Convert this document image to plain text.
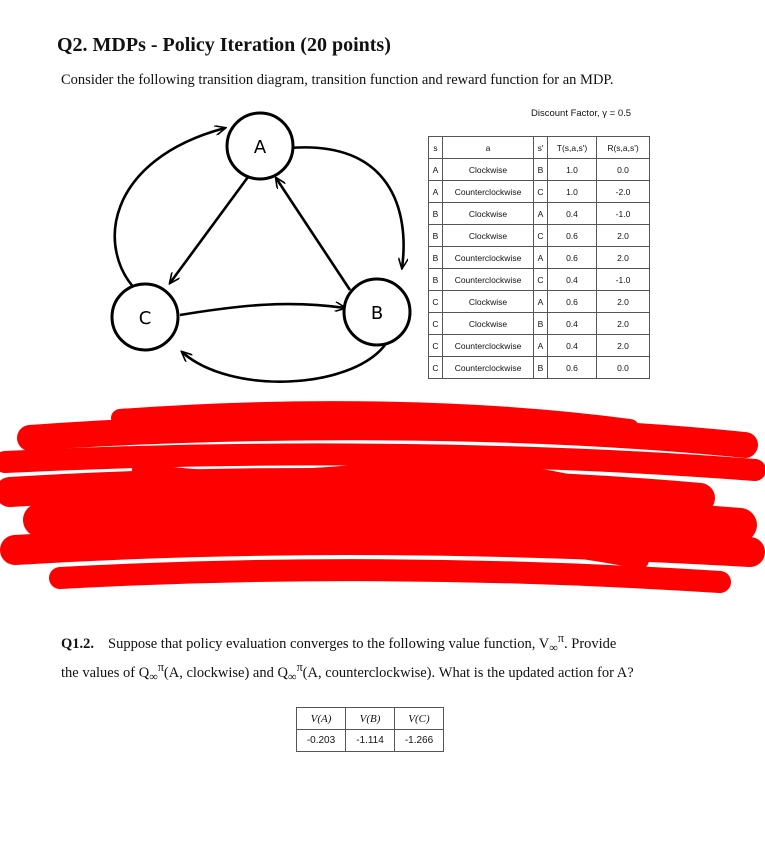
Q2. MDPs - Policy Iteration (20 points)
Consider the following transition diagram, transition function and reward function for an MDP.
Discount Factor, γ = 0.5
A
B
C
s	a	s'	T(s,a,s')	R(s,a,s')
A	Clockwise	B	1.0	0.0
A	Counterclockwise	C	1.0	-2.0
B	Clockwise	A	0.4	-1.0
B	Clockwise	C	0.6	2.0
B	Counterclockwise	A	0.6	2.0
B	Counterclockwise	C	0.4	-1.0
C	Clockwise	A	0.6	2.0
C	Clockwise	B	0.4	2.0
C	Counterclockwise	A	0.4	2.0
C	Counterclockwise	B	0.6	0.0
Q1.2. Suppose that policy evaluation converges to the following value function, $V_\infty^\pi$. Provide
the values of $Q_\infty^\pi(A$, clockwise) and $Q_\infty^\pi(A$, counterclockwise). What is the updated action for A?
V(A)	V(B)	V(C)
-0.203	-1.114	-1.266
